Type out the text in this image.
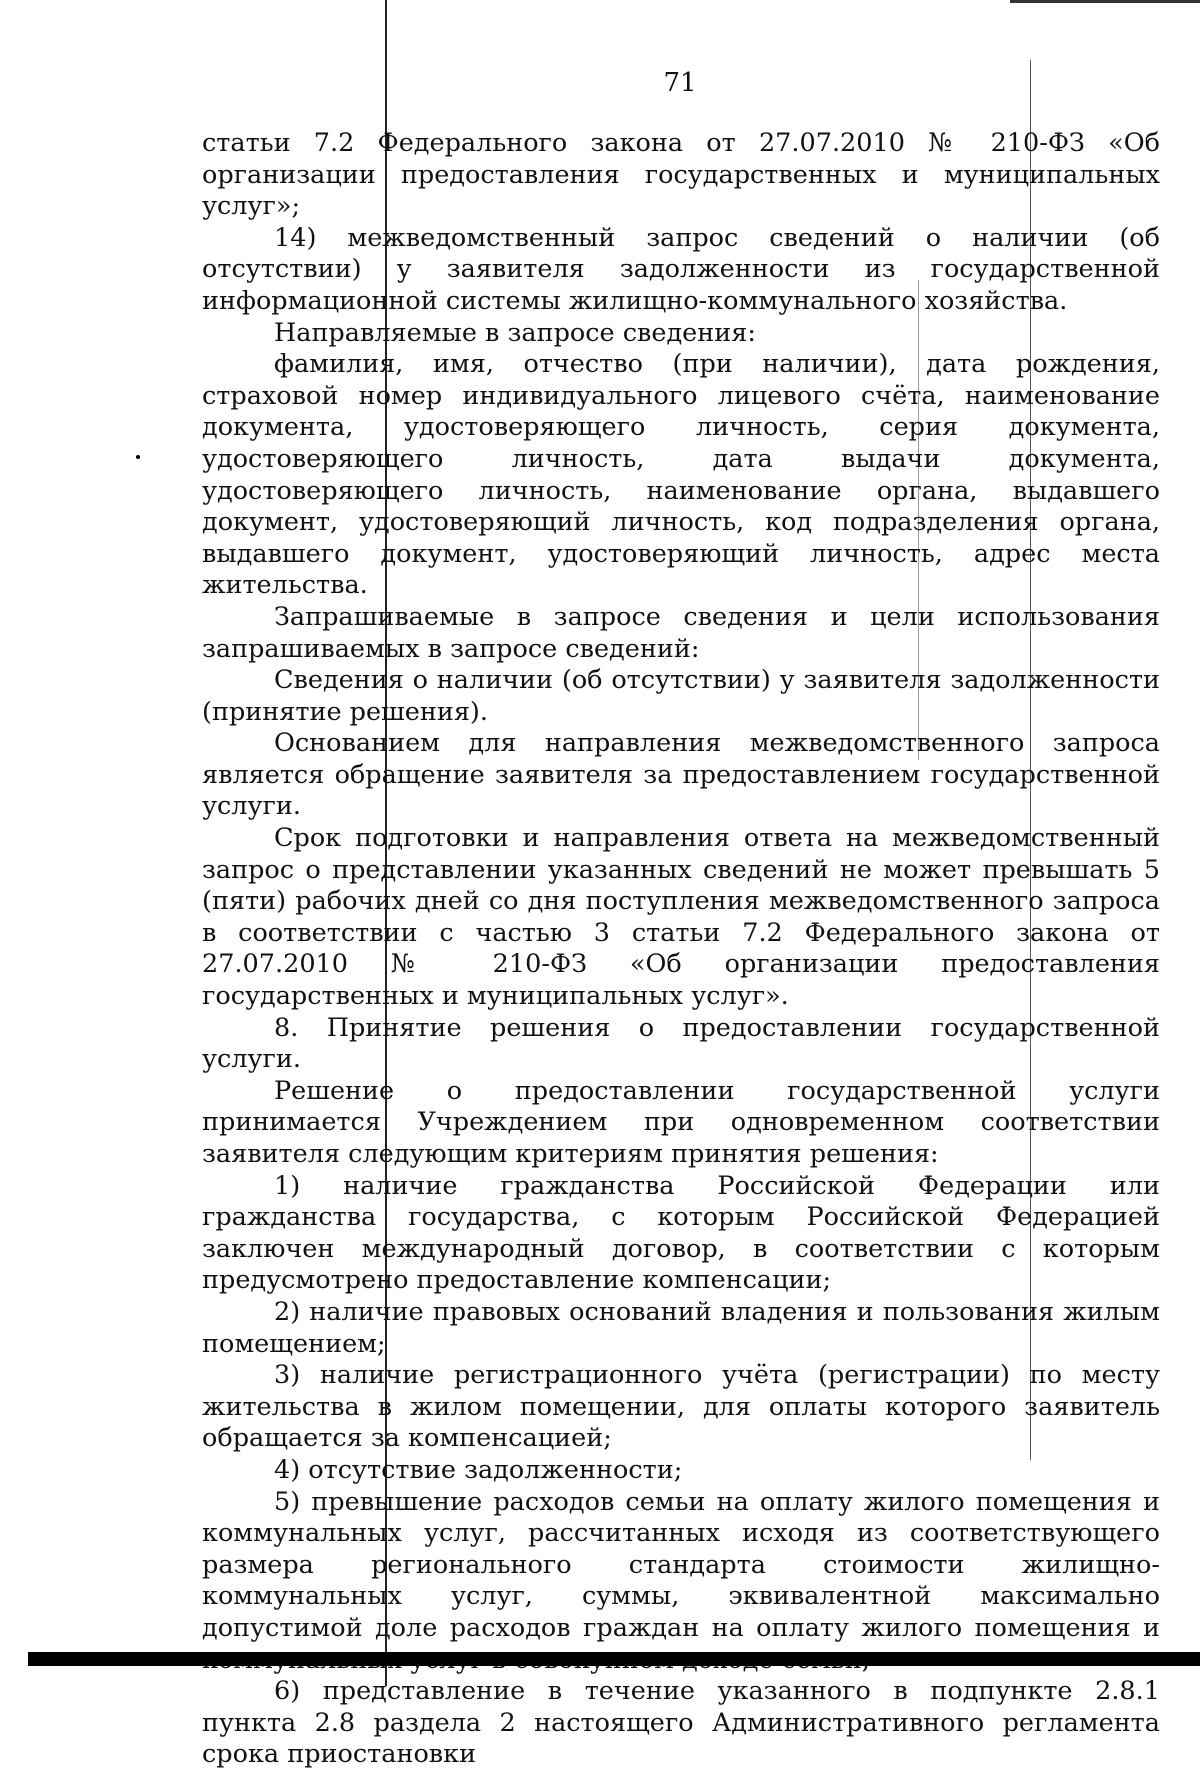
71

статьи 7.2 Федерального закона от 27.07.2010 № 210-ФЗ «Об организации предоставления государственных и муниципальных услуг»;

14) межведомственный запрос сведений о наличии (об отсутствии) у заявителя задолженности из государственной информационной системы жилищно-коммунального хозяйства.

Направляемые в запросе сведения:

фамилия, имя, отчество (при наличии), дата рождения, страховой номер индивидуального лицевого счёта, наименование документа, удостоверяющего личность, серия документа, удостоверяющего личность, дата выдачи документа, удостоверяющего личность, наименование органа, выдавшего документ, удостоверяющий личность, код подразделения органа, выдавшего документ, удостоверяющий личность, адрес места жительства.

Запрашиваемые в запросе сведения и цели использования запрашиваемых в запросе сведений:

Сведения о наличии (об отсутствии) у заявителя задолженности (принятие решения).

Основанием для направления межведомственного запроса является обращение заявителя за предоставлением государственной услуги.

Срок подготовки и направления ответа на межведомственный запрос о представлении указанных сведений не может превышать 5 (пяти) рабочих дней со дня поступления межведомственного запроса в соответствии с частью 3 статьи 7.2 Федерального закона от 27.07.2010 № 210-ФЗ «Об организации предоставления государственных и муниципальных услуг».

8. Принятие решения о предоставлении государственной услуги.

Решение о предоставлении государственной услуги принимается Учреждением при одновременном соответствии заявителя следующим критериям принятия решения:

1) наличие гражданства Российской Федерации или гражданства государства, с которым Российской Федерацией заключен международный договор, в соответствии с которым предусмотрено предоставление компенсации;

2) наличие правовых оснований владения и пользования жилым помещением;

3) наличие регистрационного учёта (регистрации) по месту жительства в жилом помещении, для оплаты которого заявитель обращается за компенсацией;

4) отсутствие задолженности;

5) превышение расходов семьи на оплату жилого помещения и коммунальных услуг, рассчитанных исходя из соответствующего размера регионального стандарта стоимости жилищно-коммунальных услуг, суммы, эквивалентной максимально допустимой доле расходов граждан на оплату жилого помещения и

6) представление в течение указанного в подпункте 2.8.1 пункта 2.8 раздела 2 настоящего Административного регламента срока приостановки
